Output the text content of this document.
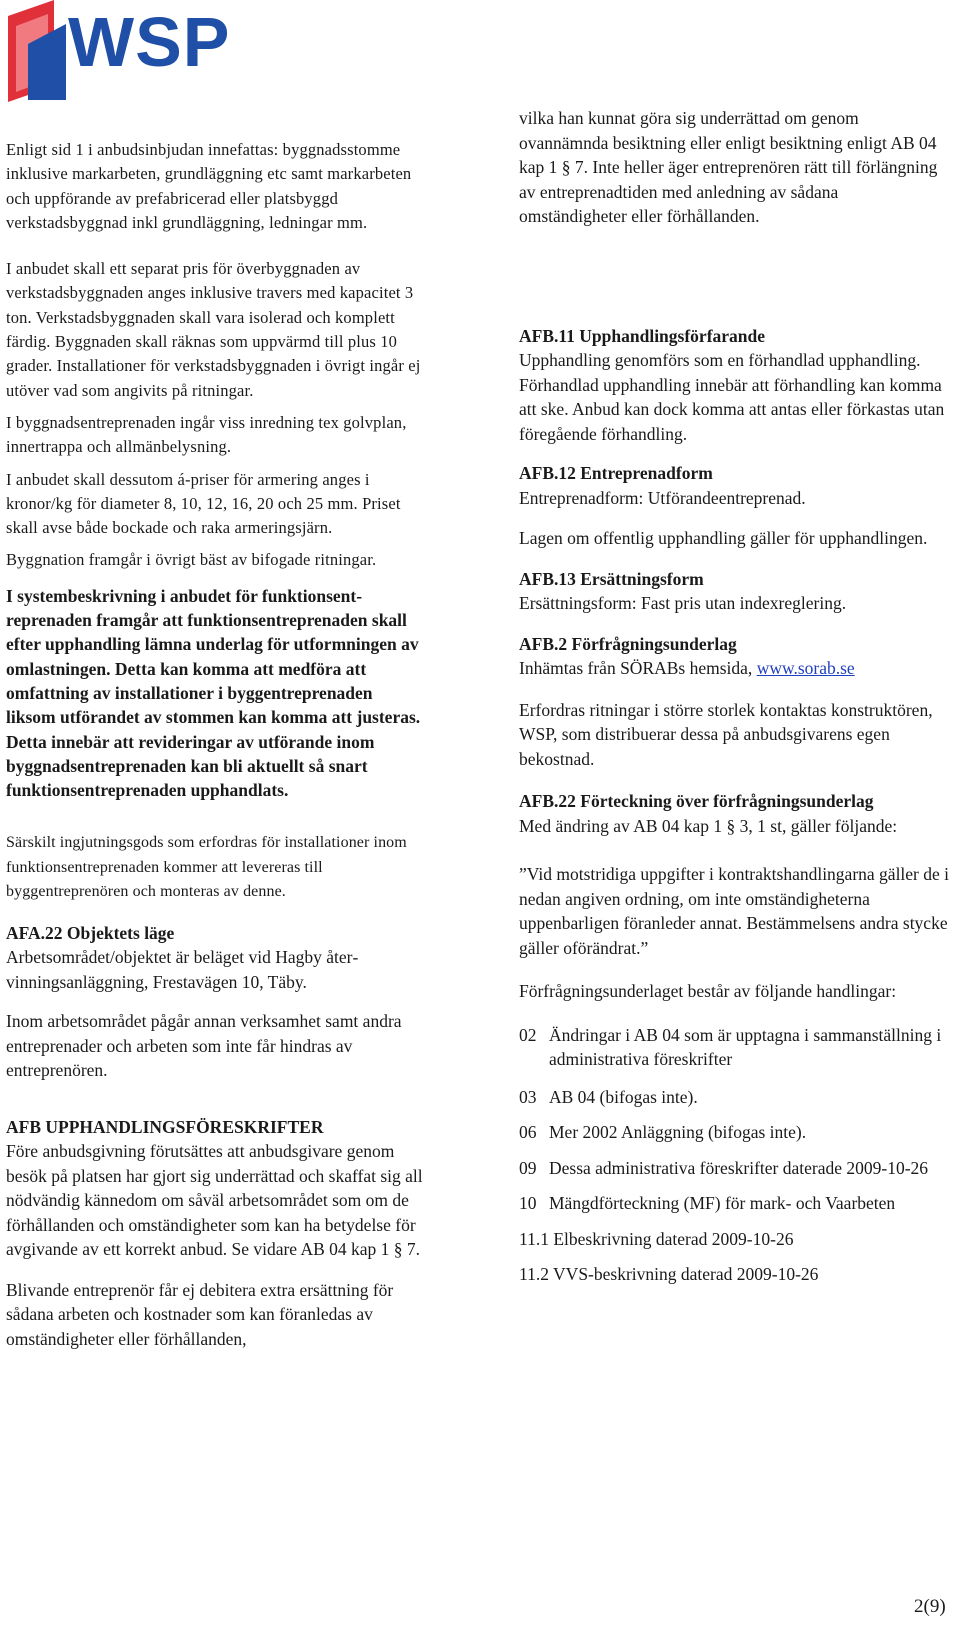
WSP

Enligt sid 1 i anbudsinbjudan innefattas: byggnadsstomme inklusive markarbeten, grundläggning etc samt markarbeten och uppförande av prefabricerad eller platsbyggd verkstadsbyggnad inkl grundläggning, ledningar mm.

I anbudet skall ett separat pris för överbyggnaden av verkstadsbyggnaden anges inklusive travers med kapacitet 3 ton. Verkstadsbyggnaden skall vara isolerad och komplett färdig. Byggnaden skall räknas som uppvärmd till plus 10 grader. Installationer för verkstadsbyggnaden i övrigt ingår ej utöver vad som angivits på ritningar.

I byggnadsentreprenaden ingår viss inredning tex golvplan, innertrappa och allmänbelysning.

I anbudet skall dessutom á-priser för armering anges i kronor/kg för diameter 8, 10, 12, 16, 20 och 25 mm. Priset skall avse både bockade och raka armeringsjärn.

Byggnation framgår i övrigt bäst av bifogade ritningar.

I systembeskrivning i anbudet för funktionsentreprenaden framgår att funktionsentreprenaden skall efter upphandling lämna underlag för utformningen av omlastningen. Detta kan komma att medföra att omfattning av installationer i byggentreprenaden liksom utförandet av stommen kan komma att justeras. Detta innebär att revideringar av utförande inom byggnadsentreprenaden kan bli aktuellt så snart funktionsentreprenaden upphandlats.

Särskilt ingjutningsgods som erfordras för installationer inom funktionsentreprenaden kommer att levereras till byggentreprenören och monteras av denne.

AFA.22 Objektets läge

Arbetsområdet/objektet är beläget vid Hagby återvinningsanläggning, Frestavägen 10, Täby.

Inom arbetsområdet pågår annan verksamhet samt andra entreprenader och arbeten som inte får hindras av entreprenören.

AFB UPPHANDLINGSFÖRESKRIFTER

Före anbudsgivning förutsättes att anbudsgivare genom besök på platsen har gjort sig underrättad och skaffat sig all nödvändig kännedom om såväl arbetsområdet som om de förhållanden och omständigheter som kan ha betydelse för avgivande av ett korrekt anbud. Se vidare AB 04 kap 1 § 7.

Blivande entreprenör får ej debitera extra ersättning för sådana arbeten och kostnader som kan föranledas av omständigheter eller förhållanden,

vilka han kunnat göra sig underrättad om genom ovannämnda besiktning eller enligt besiktning enligt AB 04 kap 1 § 7. Inte heller äger entreprenören rätt till förlängning av entreprenadtiden med anledning av sådana omständigheter eller förhållanden.

AFB.11 Upphandlingsförfarande

Upphandling genomförs som en förhandlad upphandling. Förhandlad upphandling innebär att förhandling kan komma att ske. Anbud kan dock komma att antas eller förkastas utan föregående förhandling.

AFB.12 Entreprenadform

Entreprenadform: Utförandeentreprenad.

Lagen om offentlig upphandling gäller för upphandlingen.

AFB.13 Ersättningsform

Ersättningsform: Fast pris utan indexreglering.

AFB.2 Förfrågningsunderlag

Inhämtas från SÖRABs hemsida, www.sorab.se

Erfordras ritningar i större storlek kontaktas konstruktören, WSP, som distribuerar dessa på anbudsgivarens egen bekostnad.

AFB.22 Förteckning över förfrågningsunderlag

Med ändring av AB 04 kap 1 § 3, 1 st, gäller följande:

”Vid motstridiga uppgifter i kontraktshandlingarna gäller de i nedan angiven ordning, om inte omständigheterna uppenbarligen föranleder annat. Bestämmelsens andra stycke gäller oförändrat.”

Förfrågningsunderlaget består av följande handlingar:

02 Ändringar i AB 04 som är upptagna i sammanställning i administrativa föreskrifter
03 AB 04 (bifogas inte).
06 Mer 2002 Anläggning (bifogas inte).
09 Dessa administrativa föreskrifter daterade 2009-10-26
10 Mängdförteckning (MF) för mark- och Vaarbeten
11.1 Elbeskrivning daterad 2009-10-26
11.2 VVS-beskrivning daterad 2009-10-26
2(9)
